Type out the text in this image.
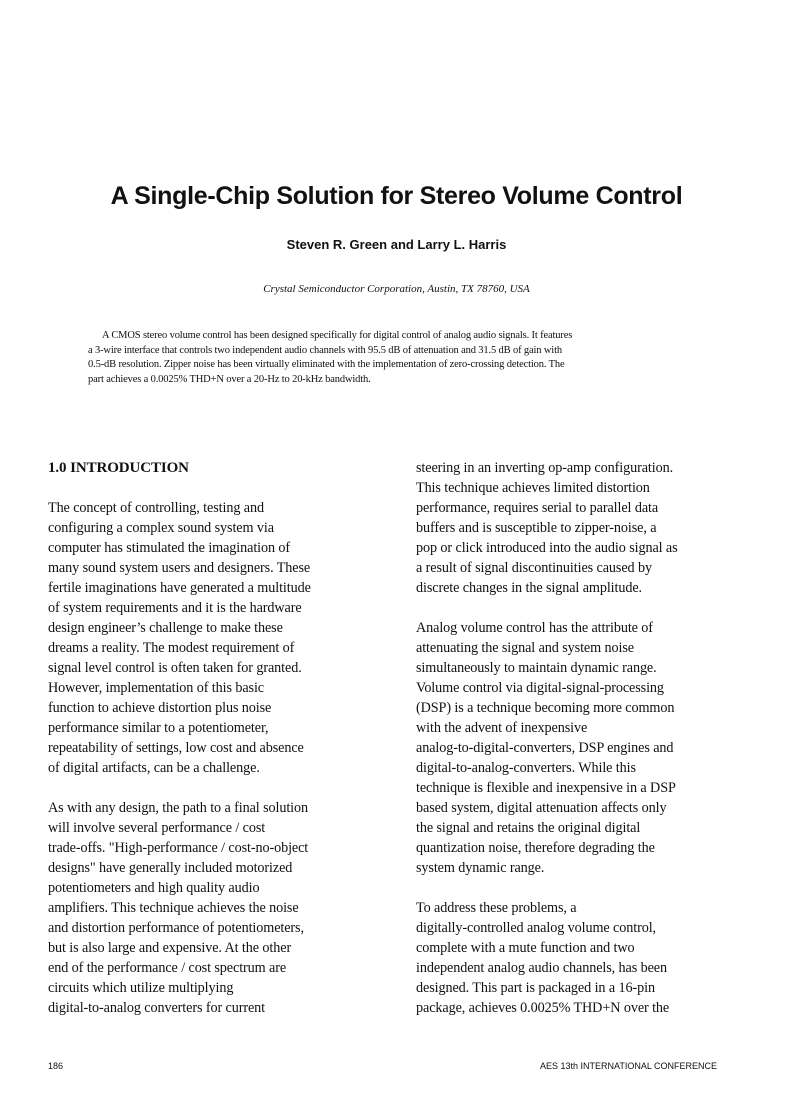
A Single-Chip Solution for Stereo Volume Control
Steven R. Green and Larry L. Harris
Crystal Semiconductor Corporation, Austin, TX 78760, USA
A CMOS stereo volume control has been designed specifically for digital control of analog audio signals. It features
a 3-wire interface that controls two independent audio channels with 95.5 dB of attenuation and 31.5 dB of gain with
0.5-dB resolution. Zipper noise has been virtually eliminated with the implementation of zero-crossing detection. The
part achieves a 0.0025% THD+N over a 20-Hz to 20-kHz bandwidth.
1.0 INTRODUCTION
The concept of controlling, testing and
configuring a complex sound system via
computer has stimulated the imagination of
many sound system users and designers. These
fertile imaginations have generated a multitude
of system requirements and it is the hardware
design engineer’s challenge to make these
dreams a reality. The modest requirement of
signal level control is often taken for granted.
However, implementation of this basic
function to achieve distortion plus noise
performance similar to a potentiometer,
repeatability of settings, low cost and absence
of digital artifacts, can be a challenge.
As with any design, the path to a final solution
will involve several performance / cost
trade-offs. "High-performance / cost-no-object
designs" have generally included motorized
potentiometers and high quality audio
amplifiers. This technique achieves the noise
and distortion performance of potentiometers,
but is also large and expensive. At the other
end of the performance / cost spectrum are
circuits which utilize multiplying
digital-to-analog converters for current
steering in an inverting op-amp configuration.
This technique achieves limited distortion
performance, requires serial to parallel data
buffers and is susceptible to zipper-noise, a
pop or click introduced into the audio signal as
a result of signal discontinuities caused by
discrete changes in the signal amplitude.
Analog volume control has the attribute of
attenuating the signal and system noise
simultaneously to maintain dynamic range.
Volume control via digital-signal-processing
(DSP) is a technique becoming more common
with the advent of inexpensive
analog-to-digital-converters, DSP engines and
digital-to-analog-converters. While this
technique is flexible and inexpensive in a DSP
based system, digital attenuation affects only
the signal and retains the original digital
quantization noise, therefore degrading the
system dynamic range.
To address these problems, a
digitally-controlled analog volume control,
complete with a mute function and two
independent analog audio channels, has been
designed. This part is packaged in a 16-pin
package, achieves 0.0025% THD+N over the
186	AES 13th INTERNATIONAL CONFERENCE
